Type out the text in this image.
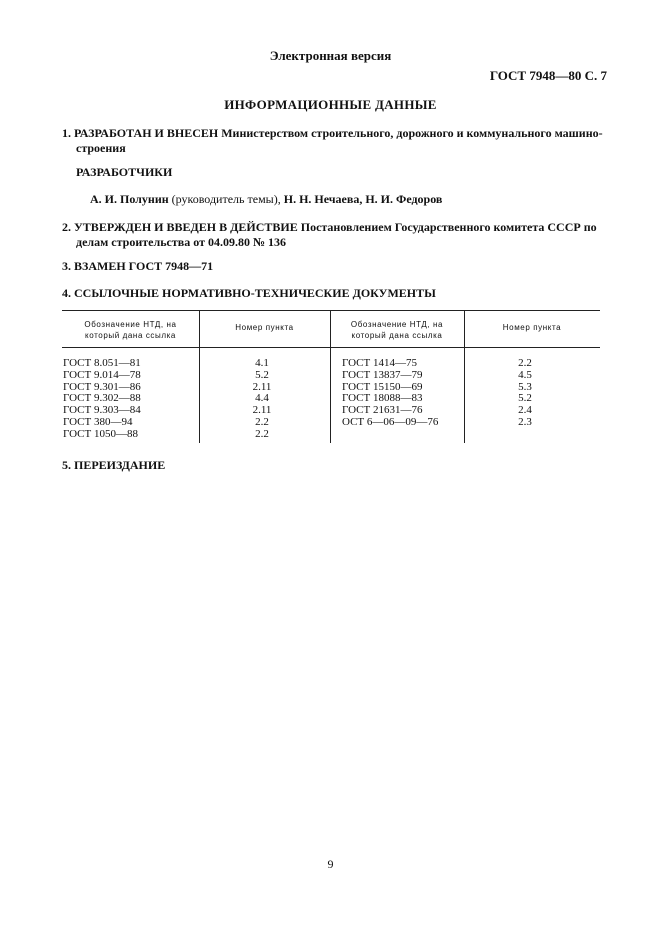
Электронная версия
ГОСТ 7948—80 С. 7
ИНФОРМАЦИОННЫЕ ДАННЫЕ
1. РАЗРАБОТАН И ВНЕСЕН Министерством строительного, дорожного и коммунального машино-
строения
РАЗРАБОТЧИКИ
А. И. Полунин (руководитель темы), Н. Н. Нечаева, Н. И. Федоров
2. УТВЕРЖДЕН И ВВЕДЕН В ДЕЙСТВИЕ Постановлением Государственного комитета СССР по
делам строительства от 04.09.80 № 136
3. ВЗАМЕН ГОСТ 7948—71
4. ССЫЛОЧНЫЕ НОРМАТИВНО-ТЕХНИЧЕСКИЕ ДОКУМЕНТЫ
Обозначение НТД, на
который дана ссылка
Номер пункта	Обозначение НТД, на
который дана ссылка
Номер пункта
ГОСТ 8.051—81
ГОСТ 9.014—78
ГОСТ 9.301—86
ГОСТ 9.302—88
ГОСТ 9.303—84
ГОСТ 380—94
ГОСТ 1050—88
4.1
5.2
2.11
4.4
2.11
2.2
2.2
ГОСТ 1414—75
ГОСТ 13837—79
ГОСТ 15150—69
ГОСТ 18088—83
ГОСТ 21631—76
ОСТ 6—06—09—76
2.2
4.5
5.3
5.2
2.4
2.3
5. ПЕРЕИЗДАНИЕ
9
